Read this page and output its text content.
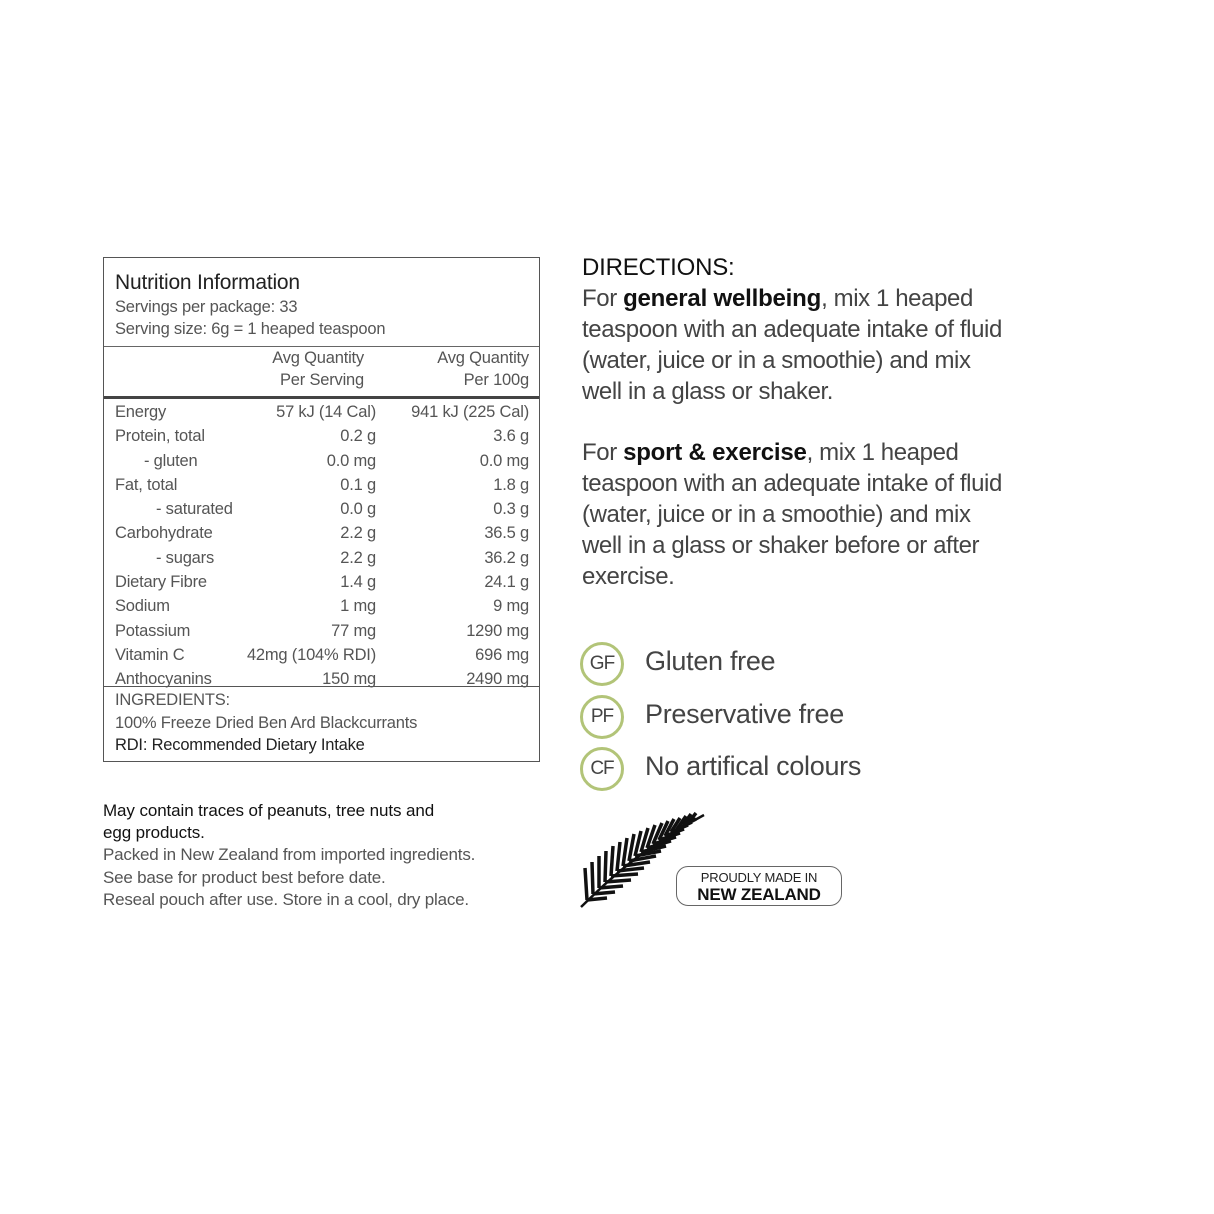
Nutrition Information
Servings per package: 33
Serving size: 6g = 1 heaped teaspoon
Avg Quantity
Per Serving
Avg Quantity
Per 100g
Energy	57 kJ (14 Cal) 941 kJ (225 Cal)
Protein, total	0.2 g	3.6 g
- gluten	0.0 mg	0.0 mg
Fat, total	0.1 g	1.8 g
- saturated	0.0 g	0.3 g
Carbohydrate	2.2 g	36.5 g
- sugars	2.2 g	36.2 g
Dietary Fibre	1.4 g	24.1 g
Sodium	1 mg	9 mg
Potassium	77 mg	1290 mg
Vitamin C	42mg (104% RDI)	696 mg
Anthocyanins	150 mg	2490 mg
INGREDIENTS:
100% Freeze Dried Ben Ard Blackcurrants
RDI: Recommended Dietary Intake
May contain traces of peanuts, tree nuts and
egg products.
Packed in New Zealand from imported ingredients.
See base for product best before date.
Reseal pouch after use. Store in a cool, dry place.
DIRECTIONS:

For general wellbeing, mix 1 heaped teaspoon with an adequate intake of fluid (water, juice or in a smoothie) and mix well in a glass or shaker.

For sport & exercise, mix 1 heaped teaspoon with an adequate intake of fluid (water, juice or in a smoothie) and mix well in a glass or shaker before or after exercise.

GF	Gluten free
PF	Preservative free
CF	No artifical colours
PROUDLY MADE IN
NEW ZEALAND
